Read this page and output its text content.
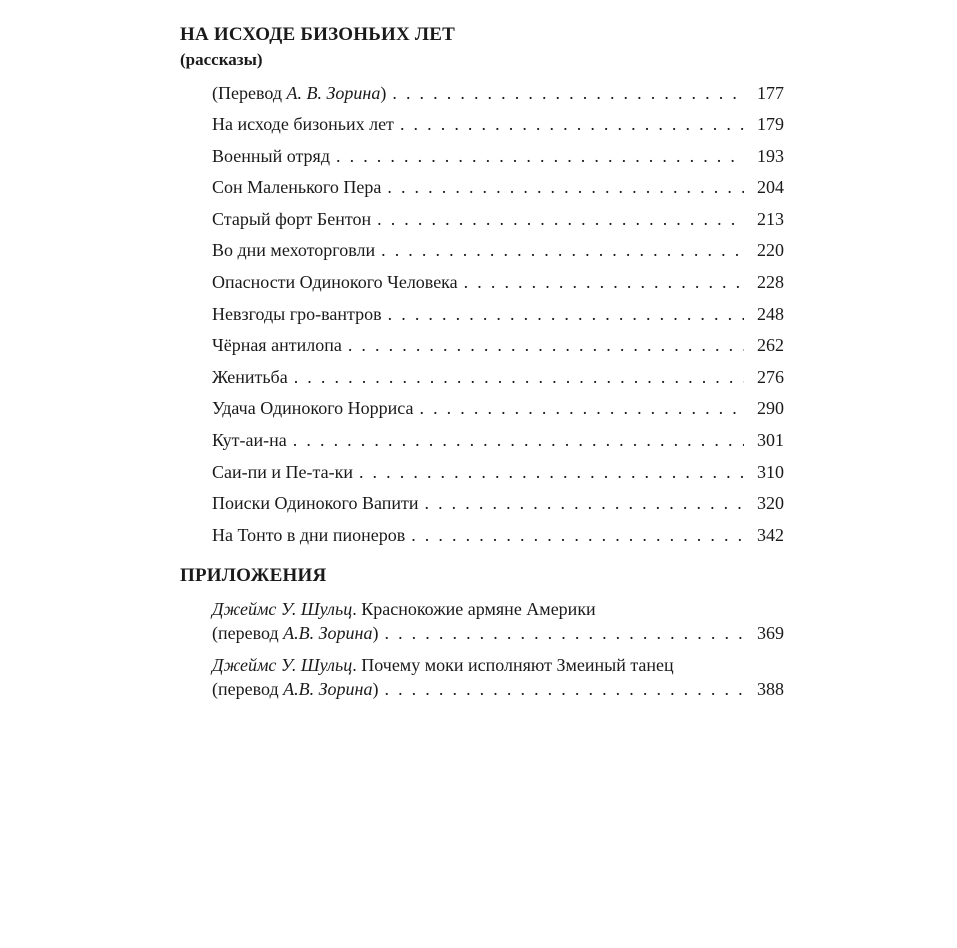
НА ИСХОДЕ БИЗОНЬИХ ЛЕТ
(рассказы)
(Перевод А. В. Зорина) . . .	177
На исходе бизоньих лет . . .	179
Военный отряд . . .	193
Сон Маленького Пера . . .	204
Старый форт Бентон . . .	213
Во дни мехоторговли . . .	220
Опасности Одинокого Человека . . .	228
Невзгоды гро-вантров . . .	248
Чёрная антилопа . . .	262
Женитьба . . .	276
Удача Одинокого Норриса . . .	290
Кут-аи-на . . .	301
Саи-пи и Пе-та-ки . . .	310
Поиски Одинокого Вапити . . .	320
На Тонто в дни пионеров . . .	342
ПРИЛОЖЕНИЯ
Джеймс У. Шульц. Краснокожие армяне Америки
(перевод А.В. Зорина) . . .	369
Джеймс У. Шульц. Почему моки исполняют Змеиный танец
(перевод А.В. Зорина) . . .	388
